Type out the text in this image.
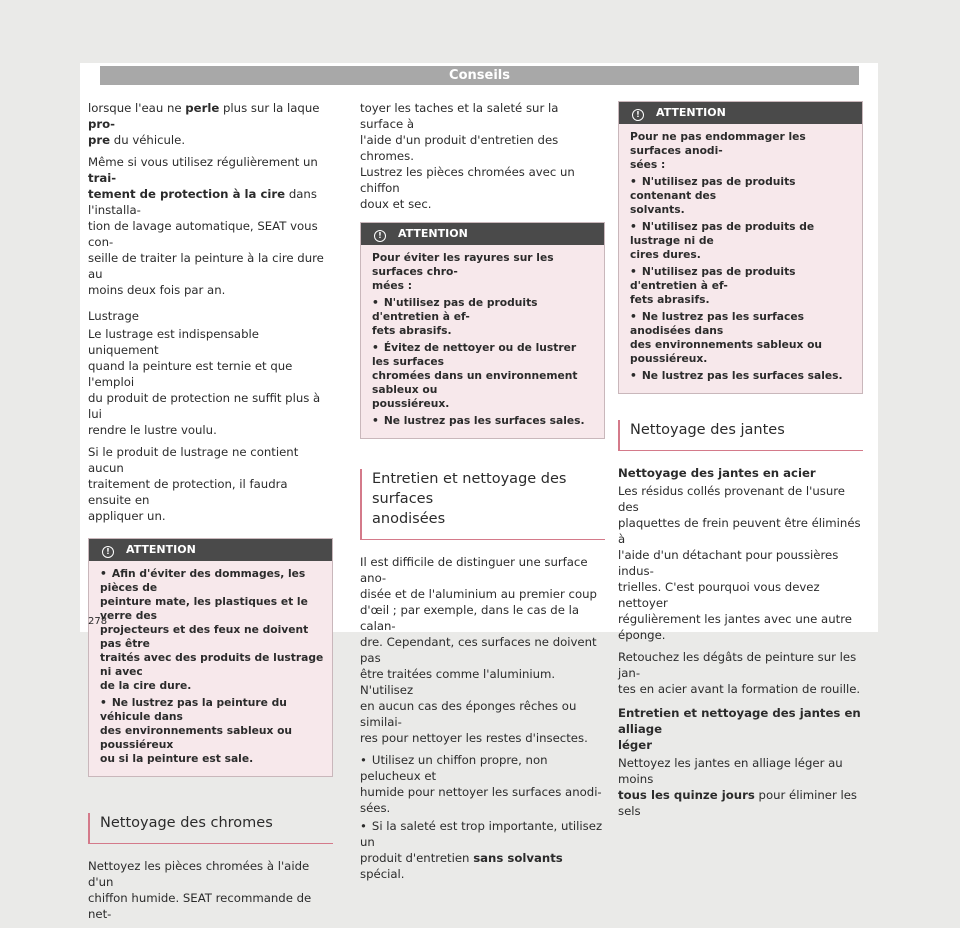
Conseils

lorsque l'eau ne perle plus sur la laque pro-
pre du véhicule.

Même si vous utilisez régulièrement un trai-
tement de protection à la cire dans l'installa-
tion de lavage automatique, SEAT vous con-
seille de traiter la peinture à la cire dure au
moins deux fois par an.

Lustrage

Le lustrage est indispensable uniquement
quand la peinture est ternie et que l'emploi
du produit de protection ne suffit plus à lui
rendre le lustre voulu.

Si le produit de lustrage ne contient aucun
traitement de protection, il faudra ensuite en
appliquer un.

! ATTENTION

• Afin d'éviter des dommages, les pièces de
peinture mate, les plastiques et le verre des
projecteurs et des feux ne doivent pas être
traités avec des produits de lustrage ni avec
de la cire dure.

• Ne lustrez pas la peinture du véhicule dans
des environnements sableux ou poussiéreux
ou si la peinture est sale.

Nettoyage des chromes

Nettoyez les pièces chromées à l'aide d'un
chiffon humide. SEAT recommande de net-

toyer les taches et la saleté sur la surface à
l'aide d'un produit d'entretien des chromes.
Lustrez les pièces chromées avec un chiffon
doux et sec.

! ATTENTION

Pour éviter les rayures sur les surfaces chro-
mées :

• N'utilisez pas de produits d'entretien à ef-
fets abrasifs.

• Évitez de nettoyer ou de lustrer les surfaces
chromées dans un environnement sableux ou
poussiéreux.

• Ne lustrez pas les surfaces sales.

Entretien et nettoyage des surfaces
anodisées

Il est difficile de distinguer une surface ano-
disée et de l'aluminium au premier coup
d'œil ; par exemple, dans le cas de la calan-
dre. Cependant, ces surfaces ne doivent pas
être traitées comme l'aluminium. N'utilisez
en aucun cas des éponges rêches ou similai-
res pour nettoyer les restes d'insectes.

• Utilisez un chiffon propre, non pelucheux et
humide pour nettoyer les surfaces anodi-
sées.

• Si la saleté est trop importante, utilisez un
produit d'entretien sans solvants spécial.

! ATTENTION

Pour ne pas endommager les surfaces anodi-
sées :

• N'utilisez pas de produits contenant des
solvants.

• N'utilisez pas de produits de lustrage ni de
cires dures.

• N'utilisez pas de produits d'entretien à ef-
fets abrasifs.

• Ne lustrez pas les surfaces anodisées dans
des environnements sableux ou poussiéreux.

• Ne lustrez pas les surfaces sales.

Nettoyage des jantes

Nettoyage des jantes en acier

Les résidus collés provenant de l'usure des
plaquettes de frein peuvent être éliminés à
l'aide d'un détachant pour poussières indus-
trielles. C'est pourquoi vous devez nettoyer
régulièrement les jantes avec une autre
éponge.

Retouchez les dégâts de peinture sur les jan-
tes en acier avant la formation de rouille.

Entretien et nettoyage des jantes en alliage
léger

Nettoyez les jantes en alliage léger au moins
tous les quinze jours pour éliminer les sels

278
